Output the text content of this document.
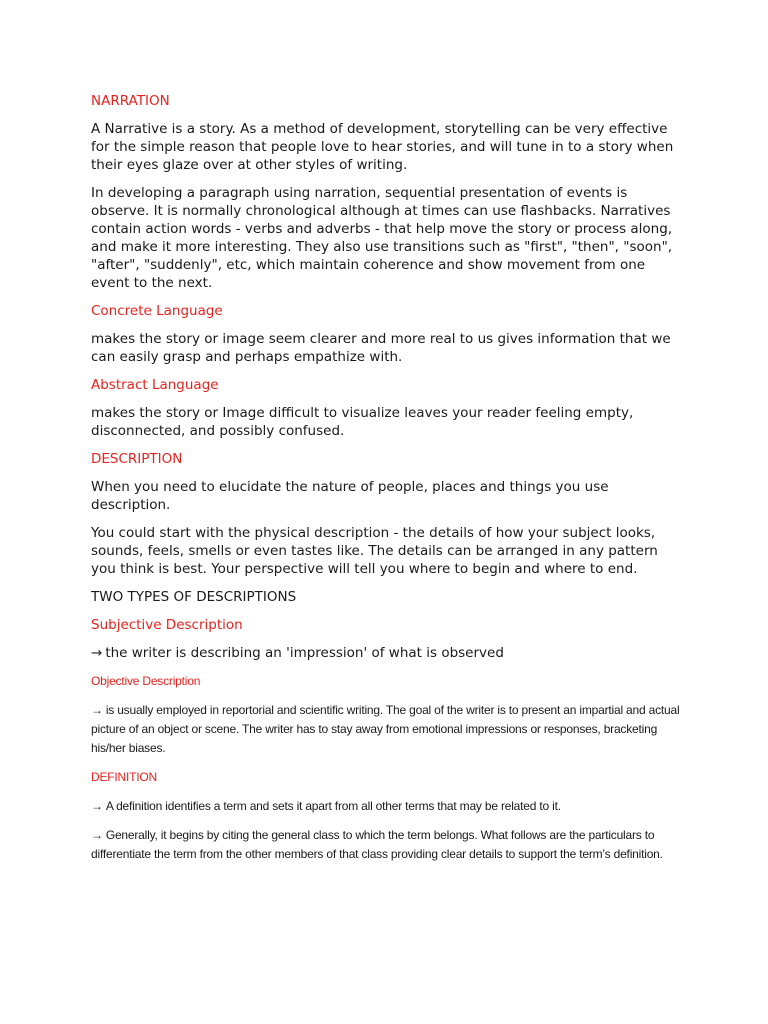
NARRATION
A Narrative is a story. As a method of development, storytelling can be very effective for the simple reason that people love to hear stories, and will tune in to a story when their eyes glaze over at other styles of writing.
In developing a paragraph using narration, sequential presentation of events is observe. It is normally chronological although at times can use flashbacks. Narratives contain action words - verbs and adverbs - that help move the story or process along, and make it more interesting. They also use transitions such as "first", "then", "soon", "after", "suddenly", etc, which maintain coherence and show movement from one event to the next.
Concrete Language
makes the story or image seem clearer and more real to us gives information that we can easily grasp and perhaps empathize with.
Abstract Language
makes the story or Image difficult to visualize leaves your reader feeling empty, disconnected, and possibly confused.
DESCRIPTION
When you need to elucidate the nature of people, places and things you use description.
You could start with the physical description - the details of how your subject looks, sounds, feels, smells or even tastes like. The details can be arranged in any pattern you think is best. Your perspective will tell you where to begin and where to end.
TWO TYPES OF DESCRIPTIONS
Subjective Description
→ the writer is describing an 'impression' of what is observed
Objective Description
→ is usually employed in reportorial and scientific writing. The goal of the writer is to present an impartial and actual picture of an object or scene. The writer has to stay away from emotional impressions or responses, bracketing his/her biases.
DEFINITION
→ A definition identifies a term and sets it apart from all other terms that may be related to it.
→ Generally, it begins by citing the general class to which the term belongs. What follows are the particulars to differentiate the term from the other members of that class providing clear details to support the term’s definition.
